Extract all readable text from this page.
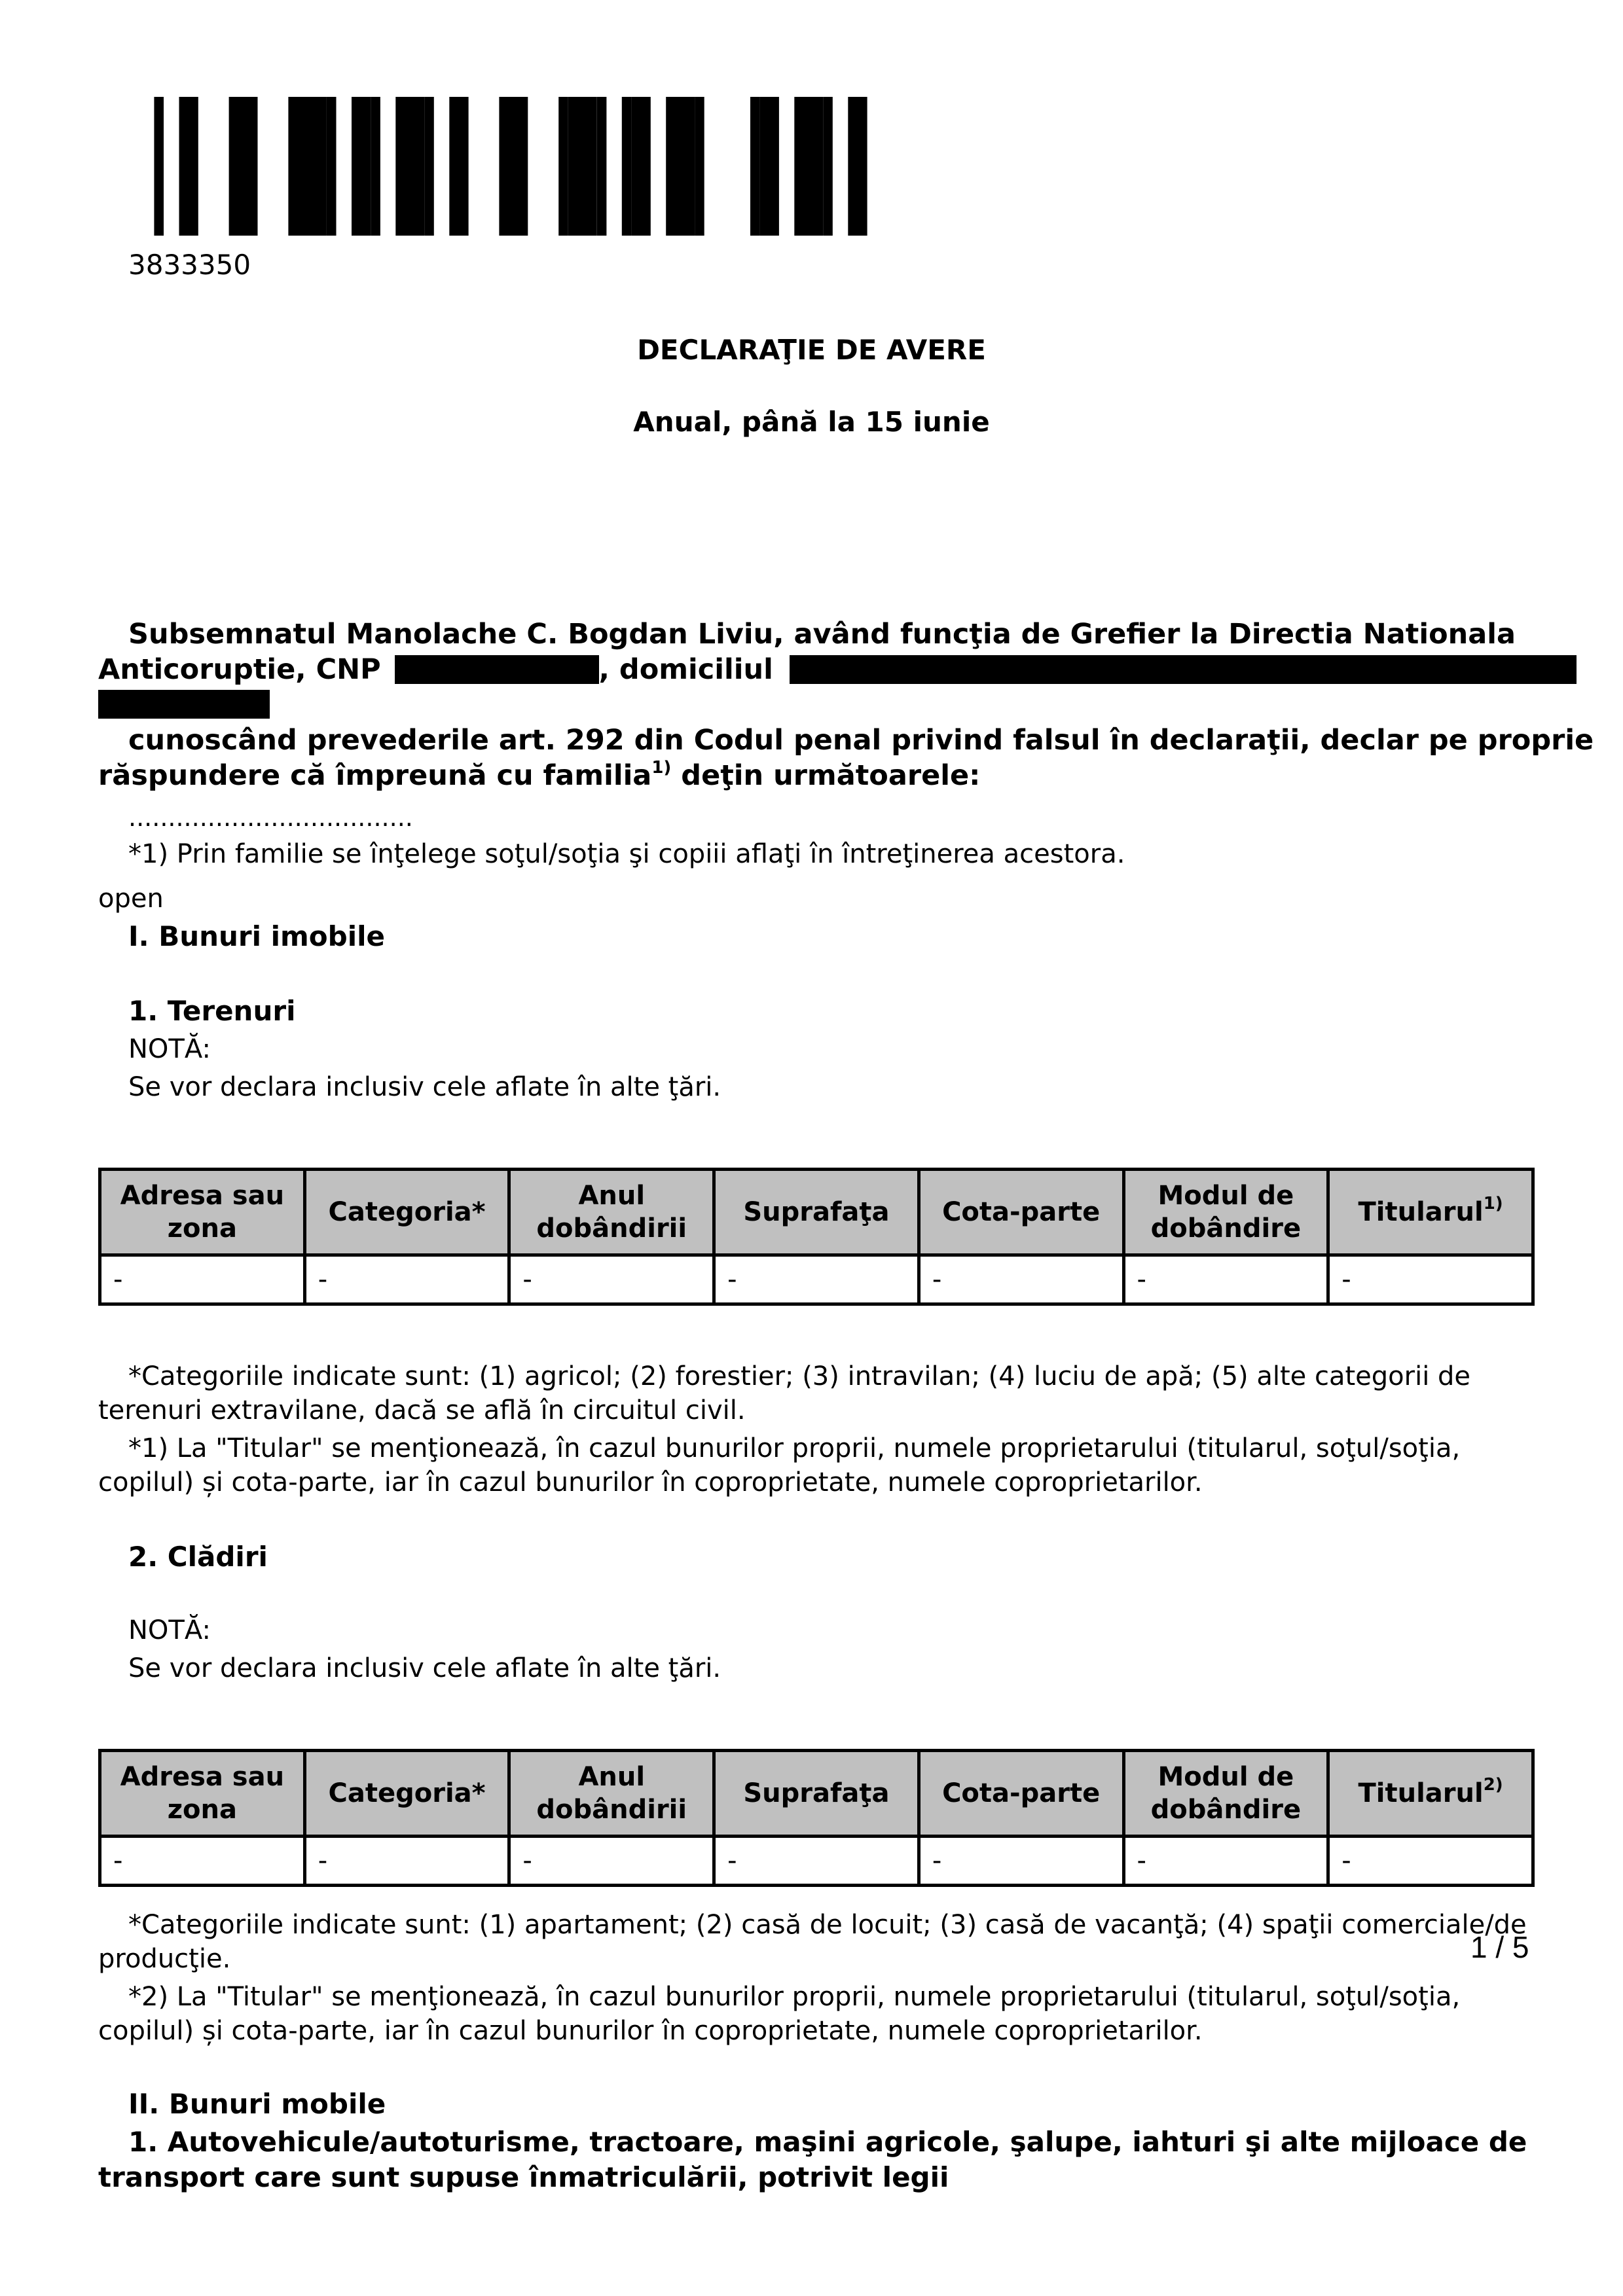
3833350
DECLARAŢIE DE AVERE
Anual, până la 15 iunie
Subsemnatul Manolache C. Bogdan Liviu, având funcţia de Grefier la Directia Nationala
Anticoruptie, CNP	, domiciliul
cunoscând prevederile art. 292 din Codul penal privind falsul în declaraţii, declar pe proprie
răspundere că împreună cu familia$^{1)}$ deţin următoarele:
....................................
*1) Prin familie se înţelege soţul/soţia şi copiii aflaţi în întreţinerea acestora.
open
I. Bunuri imobile
1. Terenuri
NOTĂ:
Se vor declara inclusiv cele aflate în alte ţări.
Adresa sau zona	Categoria*	Anul dobândirii	Suprafaţa	Cota-parte	Modul de dobândire	Titularul$^{1)}$
-	-	-	-	-	-	-
*Categoriile indicate sunt: (1) agricol; (2) forestier; (3) intravilan; (4) luciu de apă; (5) alte categorii de
terenuri extravilane, dacă se află în circuitul civil.
*1) La "Titular" se menţionează, în cazul bunurilor proprii, numele proprietarului (titularul, soţul/soţia,
copilul) și cota-parte, iar în cazul bunurilor în coproprietate, numele coproprietarilor.
2. Clădiri
NOTĂ:
Se vor declara inclusiv cele aflate în alte ţări.
Adresa sau zona	Categoria*	Anul dobândirii	Suprafaţa	Cota-parte	Modul de dobândire	Titularul$^{2)}$
-	-	-	-	-	-	-
*Categoriile indicate sunt: (1) apartament; (2) casă de locuit; (3) casă de vacanţă; (4) spaţii comerciale/de
producţie.
*2) La "Titular" se menţionează, în cazul bunurilor proprii, numele proprietarului (titularul, soţul/soţia,
copilul) și cota-parte, iar în cazul bunurilor în coproprietate, numele coproprietarilor.
II. Bunuri mobile
1. Autovehicule/autoturisme, tractoare, maşini agricole, şalupe, iahturi şi alte mijloace de
transport care sunt supuse înmatriculării, potrivit legii
1 / 5
